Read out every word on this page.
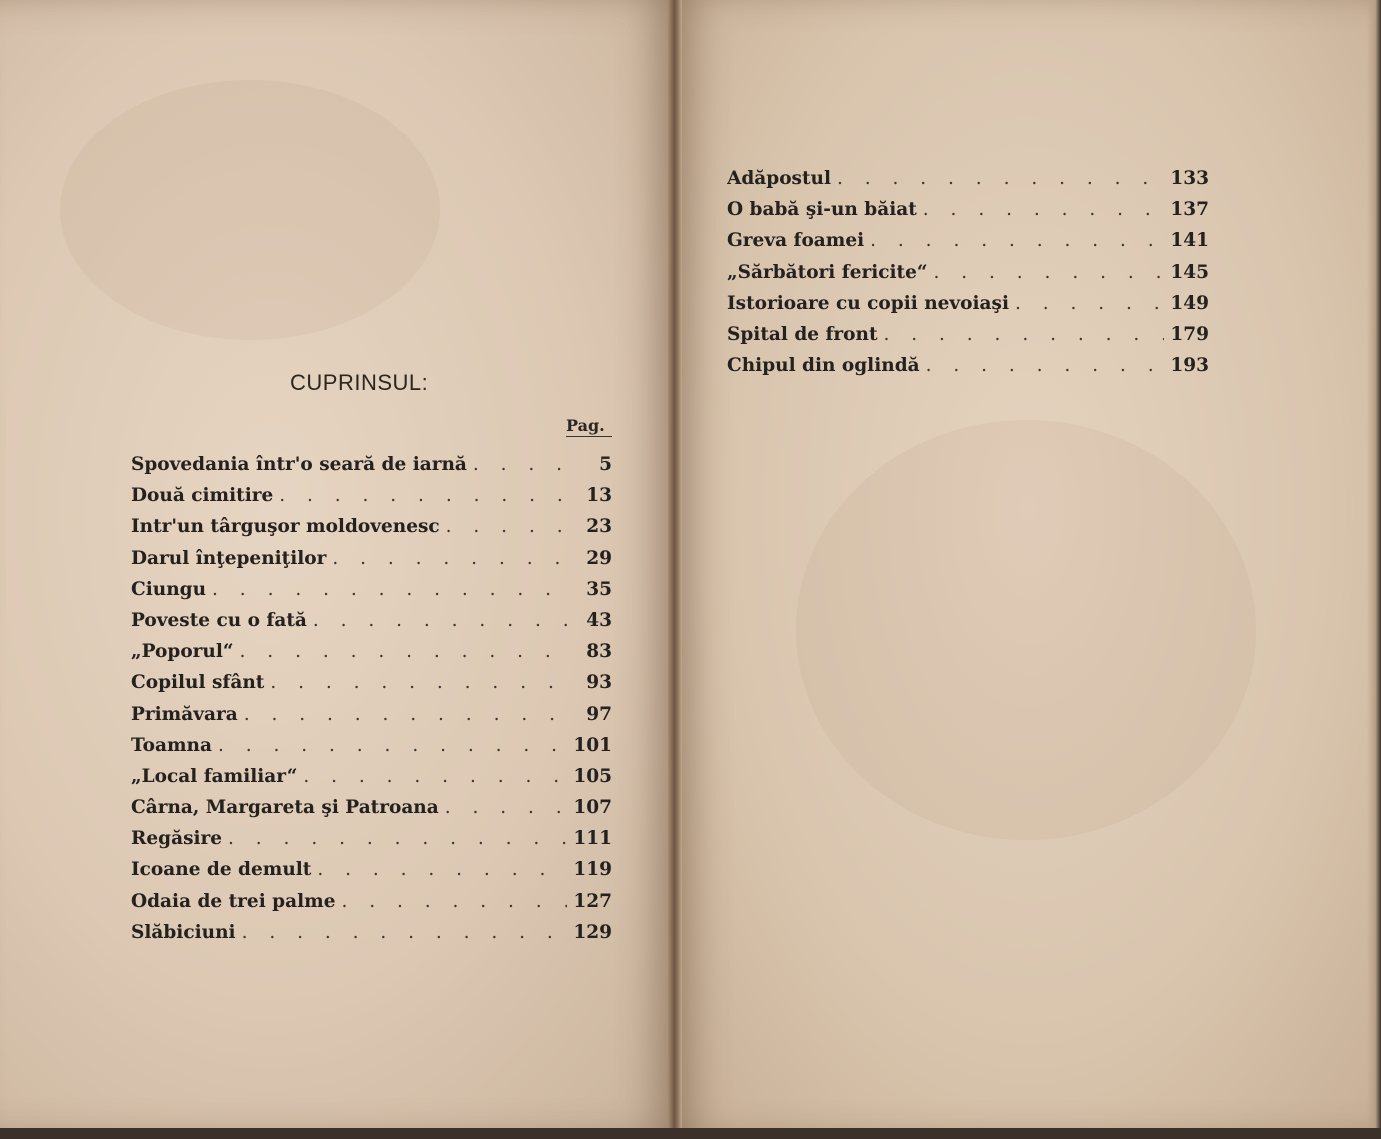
CUPRINSUL:
Pag.
Spovedania într'o seară de iarnă . . .	5
Două cimitire . . .	13
Intr'un târguşor moldovenesc . . .	23
Darul înţepeniţilor . . .	29
Ciungu . . .	35
Poveste cu o fată . . .	43
„Poporul“ . . .	83
Copilul sfânt . . .	93
Primăvara . . .	97
Toamna . . .	101
„Local familiar“ . . .	105
Cârna, Margareta şi Patroana . . .	107
Regăsire . . .	111
Icoane de demult . . .	119
Odaia de trei palme . . .	127
Slăbiciuni . . .	129
Adăpostul . . .	133
O babă şi-un băiat . . .	137
Greva foamei . . .	141
„Sărbători fericite“ . . .	145
Istorioare cu copii nevoiaşi . . .	149
Spital de front . . .	179
Chipul din oglindă . . .	193
